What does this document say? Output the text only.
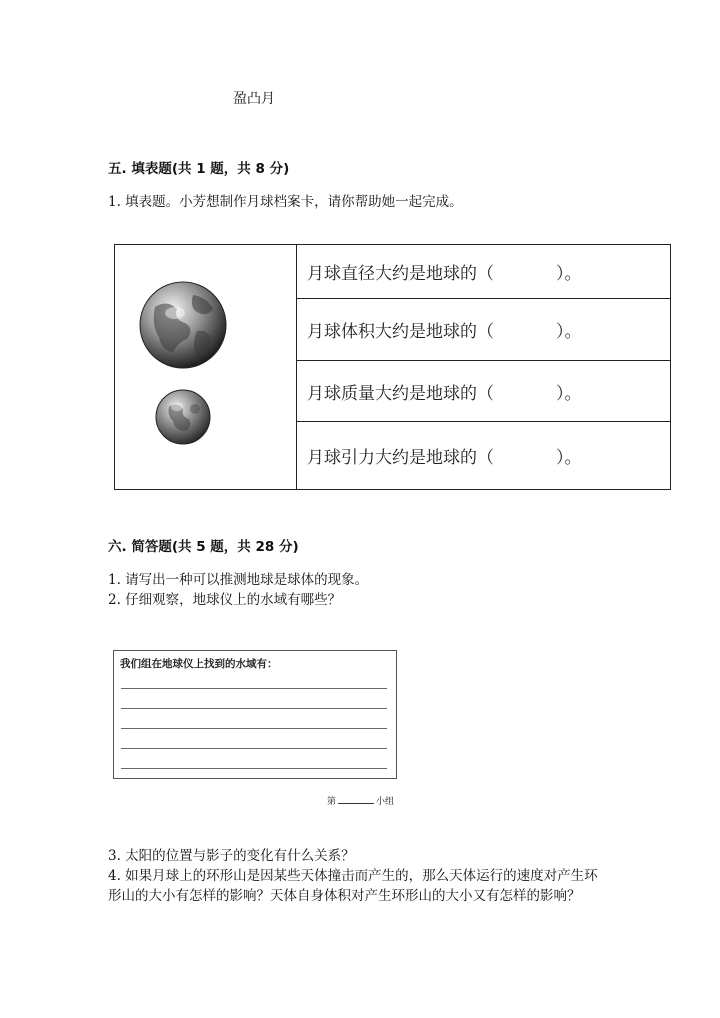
盈凸月
五. 填表题(共 1 题，共 8 分)
1. 填表题。小芳想制作月球档案卡，请你帮助她一起完成。
月球直径大约是地球的（	）。
月球体积大约是地球的（	）。
月球质量大约是地球的（	）。
月球引力大约是地球的（	）。
六. 简答题(共 5 题，共 28 分)
1. 请写出一种可以推测地球是球体的现象。
2. 仔细观察，地球仪上的水域有哪些？
我们组在地球仪上找到的水域有：
第	小组
3. 太阳的位置与影子的变化有什么关系？
4. 如果月球上的环形山是因某些天体撞击而产生的，那么天体运行的速度对产生环形山的大小有怎样的影响？天体自身体积对产生环形山的大小又有怎样的影响？
